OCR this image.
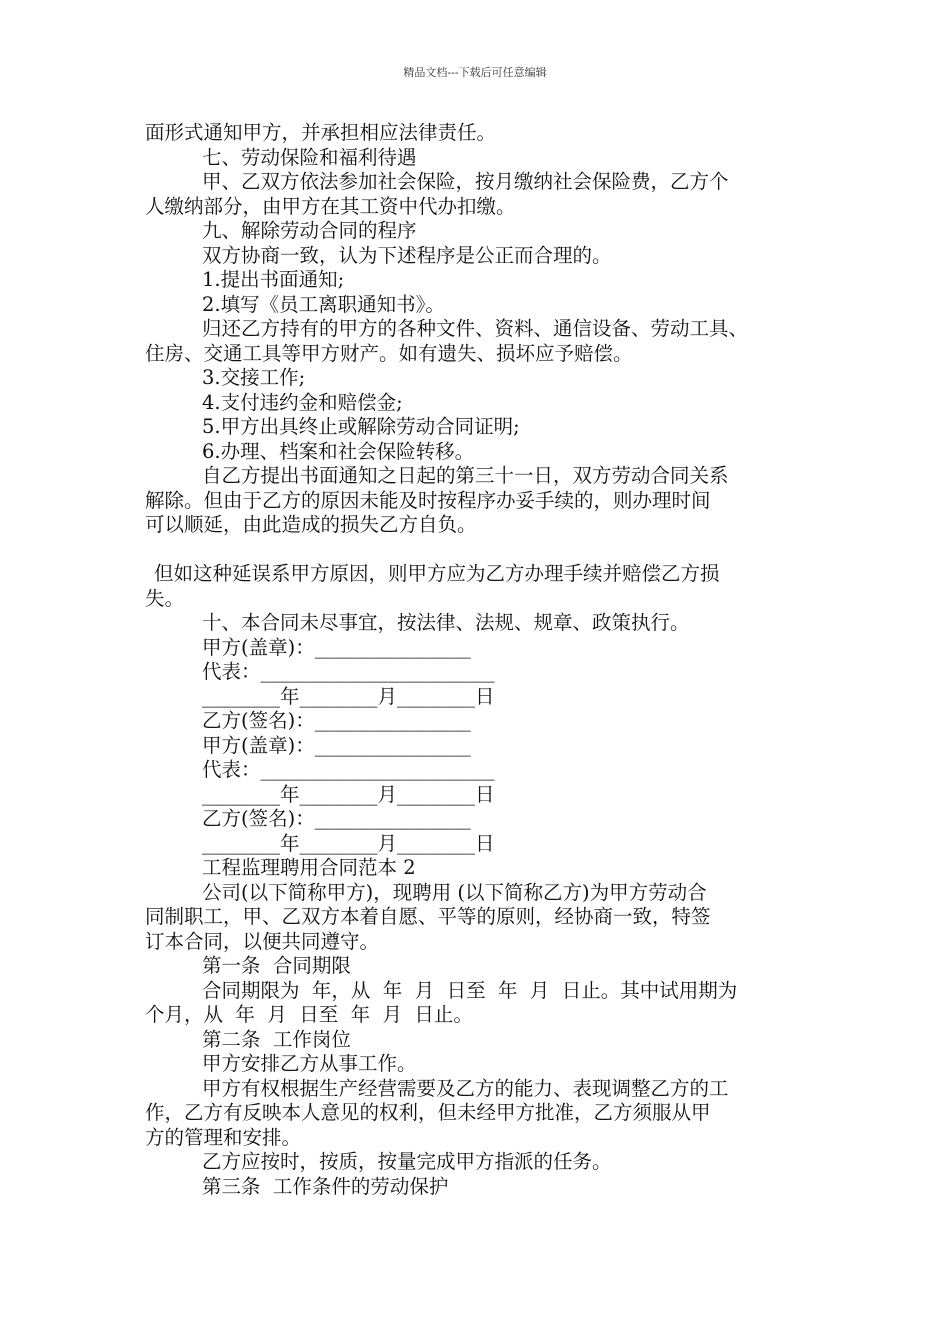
精品文档---下载后可任意编辑

面形式通知甲方，并承担相应法律责任。

七、劳动保险和福利待遇

甲、乙双方依法参加社会保险，按月缴纳社会保险费，乙方个

人缴纳部分，由甲方在其工资中代办扣缴。

九、解除劳动合同的程序

双方协商一致，认为下述程序是公正而合理的。

1.提出书面通知;

2.填写《员工离职通知书》。

归还乙方持有的甲方的各种文件、资料、通信设备、劳动工具、

住房、交通工具等甲方财产。如有遗失、损坏应予赔偿。

3.交接工作;

4.支付违约金和赔偿金;

5.甲方出具终止或解除劳动合同证明;

6.办理、档案和社会保险转移。

自乙方提出书面通知之日起的第三十一日，双方劳动合同关系

解除。但由于乙方的原因未能及时按程序办妥手续的，则办理时间

可以顺延，由此造成的损失乙方自负。

但如这种延误系甲方原因，则甲方应为乙方办理手续并赔偿乙方损

失。

十、本合同未尽事宜，按法律、法规、规章、政策执行。

甲方(盖章)：________________

代表：________________________

________年________月________日

乙方(签名)：________________

甲方(盖章)：________________

代表：________________________

________年________月________日

乙方(签名)：________________

________年________月________日

工程监理聘用合同范本 2

公司(以下简称甲方)，现聘用 (以下简称乙方)为甲方劳动合

同制职工，甲、乙双方本着自愿、平等的原则，经协商一致，特签

订本合同，以便共同遵守。

第一条  合同期限

合同期限为  年，从  年  月  日至  年  月  日止。其中试用期为

个月，从  年  月  日至  年  月  日止。

第二条  工作岗位

甲方安排乙方从事工作。

甲方有权根据生产经营需要及乙方的能力、表现调整乙方的工

作，乙方有反映本人意见的权利，但未经甲方批准，乙方须服从甲

方的管理和安排。

乙方应按时，按质，按量完成甲方指派的任务。

第三条  工作条件的劳动保护
